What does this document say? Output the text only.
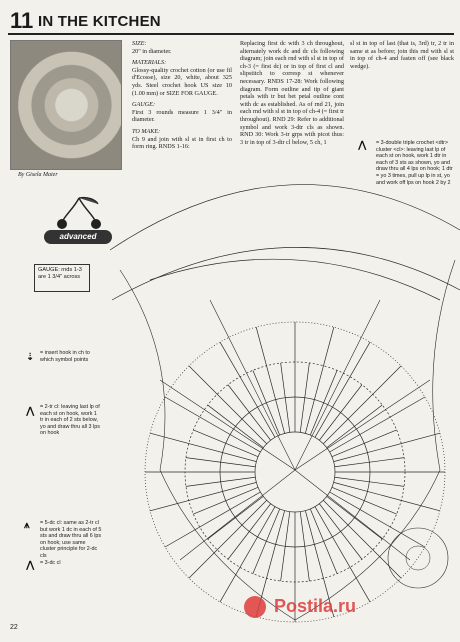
11 IN THE KITCHEN
By Gisela Maier
SIZE:
20" in diameter.
MATERIALS:
Glossy-quality crochet cotton (or use fil d'Ecosse), size 20, white, about 325 yds. Steel crochet hook US size 10 (1.00 mm) or SIZE FOR GAUGE.
GAUGE:
First 3 rounds measure 1 3/4" in diameter.
TO MAKE:
Ch 9 and join with sl st in first ch to form ring. RNDS 1-16:
Replacing first dc with 3 ch throughout, alternately work dc and dc cls following diagram; join each rnd with sl st in top of ch-3 (= first dc) or in top of first cl and slipstitch to corresp st whenever necessary. RNDS 17-28: Work following diagram. Form outline and tip of giant petals with tr but bet petal outline cont with dc as established. As of rnd 21, join each rnd with sl st in top of ch-4 (= first tr throughout). RND 29: Refer to additional symbol and work 3-dtr cls as shown. RND 30: Work 3-tr grps with picot thus: 3 tr in top of 3-dtr cl below, 5 ch, 1
sl st in top of last (that is, 3rd) tr, 2 tr in same st as before; join this rnd with sl st in top of ch-4 and fasten off (see black wedge).
⋀ = 3-double triple crochet <dtr> cluster <cl>: leaving last lp of each st on hook, work 1 dtr in each of 3 sts as shown, yo and draw thru all 4 lps on hook; 1 dtr = yo 3 times, pull up lp in st, yo and work off lps on hook 2 by 2
advanced
GAUGE: rnds 1-3 are 1 3/4" across
⇣ = insert hook in ch to which symbol points
⋀ = 2-tr cl: leaving last lp of each st on hook, work 1 tr in each of 2 sts below, yo and draw thru all 3 lps on hook
⩚ = 5-dc cl: same as 2-tr cl but work 1 dc in each of 5 sts and draw thru all 6 lps on hook; use same cluster principle for 2-dc cls
⋀ = 3-dc cl
Postila.ru
22
